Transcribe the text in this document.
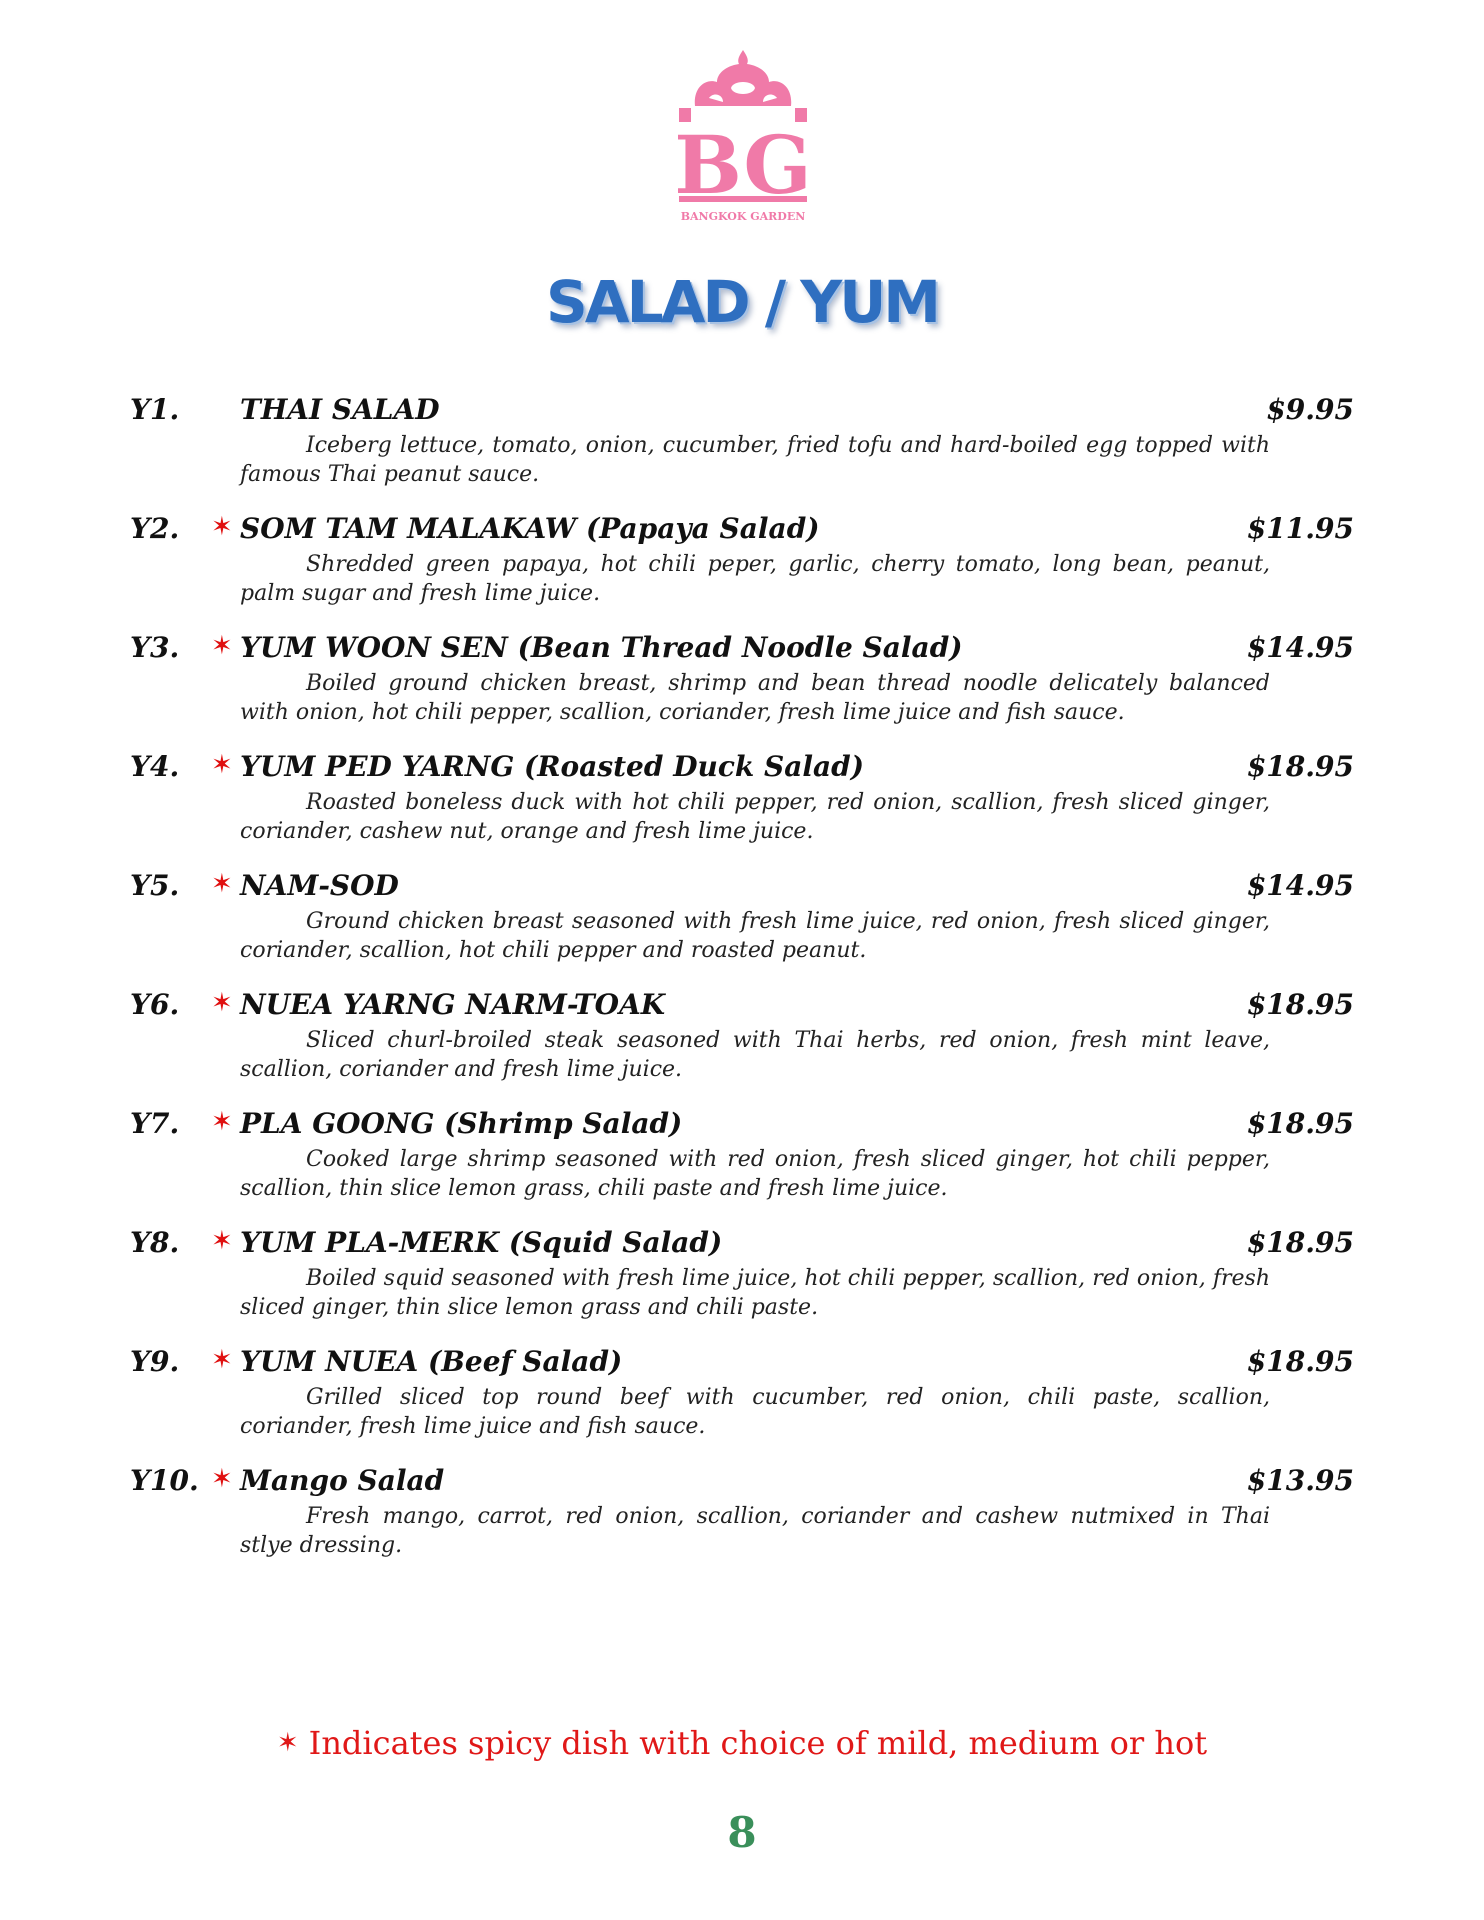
BG
BANGKOK GARDEN
SALAD / YUM
Y1. THAI SALAD	$9.95
Iceberg lettuce, tomato, onion, cucumber, fried tofu and hard-boiled egg topped with famous Thai peanut sauce.
Y2. ✶ SOM TAM MALAKAW (Papaya Salad)	$11.95
Shredded green papaya, hot chili peper, garlic, cherry tomato, long bean, peanut, palm sugar and fresh lime juice.
Y3. ✶ YUM WOON SEN (Bean Thread Noodle Salad)	$14.95
Boiled ground chicken breast, shrimp and bean thread noodle delicately balanced with onion, hot chili pepper, scallion, coriander, fresh lime juice and fish sauce.
Y4. ✶ YUM PED YARNG (Roasted Duck Salad)	$18.95
Roasted boneless duck with hot chili pepper, red onion, scallion, fresh sliced ginger, coriander, cashew nut, orange and fresh lime juice.
Y5. ✶ NAM-SOD	$14.95
Ground chicken breast seasoned with fresh lime juice, red onion, fresh sliced ginger, coriander, scallion, hot chili pepper and roasted peanut.
Y6. ✶ NUEA YARNG NARM-TOAK	$18.95
Sliced churl-broiled steak seasoned with Thai herbs, red onion, fresh mint leave, scallion, coriander and fresh lime juice.
Y7. ✶ PLA GOONG (Shrimp Salad)	$18.95
Cooked large shrimp seasoned with red onion, fresh sliced ginger, hot chili pepper, scallion, thin slice lemon grass, chili paste and fresh lime juice.
Y8. ✶ YUM PLA-MERK (Squid Salad)	$18.95
Boiled squid seasoned with fresh lime juice, hot chili pepper, scallion, red onion, fresh sliced ginger, thin slice lemon grass and chili paste.
Y9. ✶ YUM NUEA (Beef Salad)	$18.95
Grilled sliced top round beef with cucumber, red onion, chili paste, scallion, coriander, fresh lime juice and fish sauce.
Y10. ✶ Mango Salad	$13.95
Fresh mango, carrot, red onion, scallion, coriander and cashew nutmixed in Thai stlye dressing.
✶ Indicates spicy dish with choice of mild, medium or hot
8
